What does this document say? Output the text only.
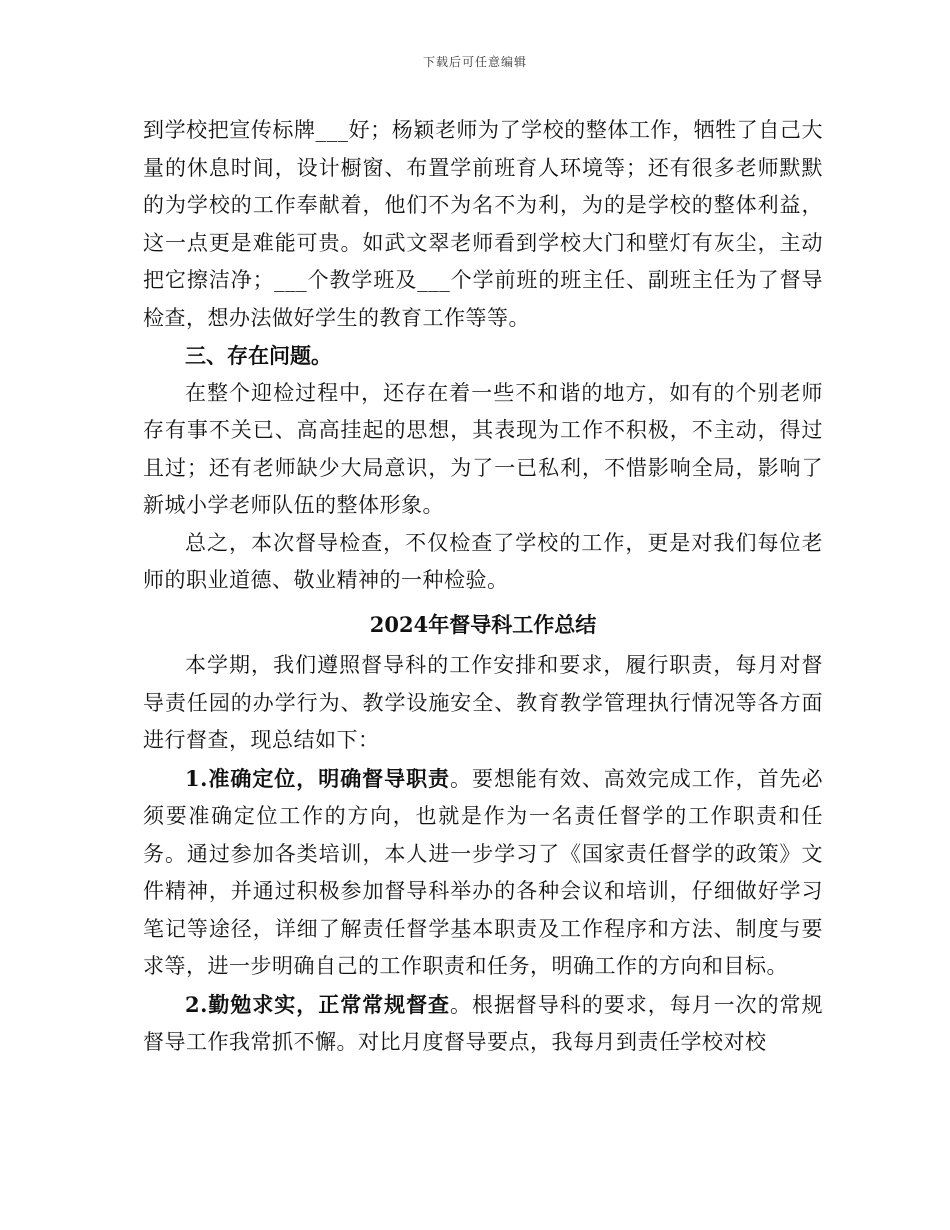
下载后可任意编辑

到学校把宣传标牌___好；杨颖老师为了学校的整体工作，牺牲了自己大量的休息时间，设计橱窗、布置学前班育人环境等；还有很多老师默默的为学校的工作奉献着，他们不为名不为利，为的是学校的整体利益，这一点更是难能可贵。如武文翠老师看到学校大门和壁灯有灰尘，主动把它擦洁净；___个教学班及___个学前班的班主任、副班主任为了督导检查，想办法做好学生的教育工作等等。

三、存在问题。

在整个迎检过程中，还存在着一些不和谐的地方，如有的个别老师存有事不关已、高高挂起的思想，其表现为工作不积极，不主动，得过且过；还有老师缺少大局意识，为了一已私利，不惜影响全局，影响了新城小学老师队伍的整体形象。

总之，本次督导检查，不仅检查了学校的工作，更是对我们每位老师的职业道德、敬业精神的一种检验。

2024年督导科工作总结

本学期，我们遵照督导科的工作安排和要求，履行职责，每月对督导责任园的办学行为、教学设施安全、教育教学管理执行情况等各方面进行督查，现总结如下：

1.准确定位，明确督导职责。要想能有效、高效完成工作，首先必须要准确定位工作的方向，也就是作为一名责任督学的工作职责和任务。通过参加各类培训，本人进一步学习了《国家责任督学的政策》文件精神，并通过积极参加督导科举办的各种会议和培训，仔细做好学习笔记等途径，详细了解责任督学基本职责及工作程序和方法、制度与要求等，进一步明确自己的工作职责和任务，明确工作的方向和目标。

2.勤勉求实，正常常规督查。根据督导科的要求，每月一次的常规督导工作我常抓不懈。对比月度督导要点，我每月到责任学校对校
